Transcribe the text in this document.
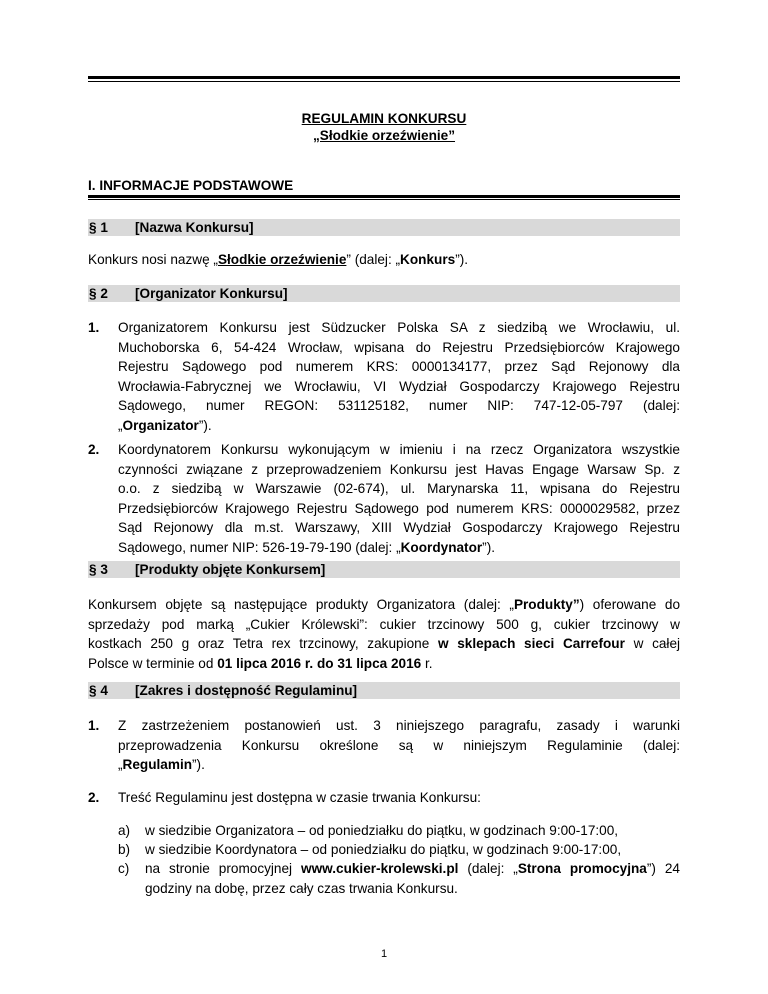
REGULAMIN KONKURSU
„Słodkie orzeźwienie”
I. INFORMACJE PODSTAWOWE
§ 1 [Nazwa Konkursu]
Konkurs nosi nazwę „Słodkie orzeźwienie” (dalej: „Konkurs”).
§ 2 [Organizator Konkursu]
1. Organizatorem Konkursu jest Südzucker Polska SA z siedzibą we Wrocławiu, ul.
Muchoborska 6, 54-424 Wrocław, wpisana do Rejestru Przedsiębiorców Krajowego
Rejestru Sądowego pod numerem KRS: 0000134177, przez Sąd Rejonowy dla
Wrocławia-Fabrycznej we Wrocławiu, VI Wydział Gospodarczy Krajowego Rejestru
Sądowego, numer REGON: 531125182, numer NIP: 747-12-05-797 (dalej:
„Organizator”).
2. Koordynatorem Konkursu wykonującym w imieniu i na rzecz Organizatora wszystkie
czynności związane z przeprowadzeniem Konkursu jest Havas Engage Warsaw Sp. z
o.o. z siedzibą w Warszawie (02-674), ul. Marynarska 11, wpisana do Rejestru
Przedsiębiorców Krajowego Rejestru Sądowego pod numerem KRS: 0000029582, przez
Sąd Rejonowy dla m.st. Warszawy, XIII Wydział Gospodarczy Krajowego Rejestru
Sądowego, numer NIP: 526-19-79-190 (dalej: „Koordynator”).
§ 3 [Produkty objęte Konkursem]
Konkursem objęte są następujące produkty Organizatora (dalej: „Produkty”) oferowane do
sprzedaży pod marką „Cukier Królewski”: cukier trzcinowy 500 g, cukier trzcinowy w
kostkach 250 g oraz Tetra rex trzcinowy, zakupione w sklepach sieci Carrefour w całej
Polsce w terminie od 01 lipca 2016 r. do 31 lipca 2016 r.
§ 4 [Zakres i dostępność Regulaminu]
1. Z zastrzeżeniem postanowień ust. 3 niniejszego paragrafu, zasady i warunki
przeprowadzenia Konkursu określone są w niniejszym Regulaminie (dalej:
„Regulamin”).
2. Treść Regulaminu jest dostępna w czasie trwania Konkursu:
a) w siedzibie Organizatora – od poniedziałku do piątku, w godzinach 9:00-17:00,
b) w siedzibie Koordynatora – od poniedziałku do piątku, w godzinach 9:00-17:00,
c) na stronie promocyjnej www.cukier-krolewski.pl (dalej: „Strona promocyjna”) 24
godziny na dobę, przez cały czas trwania Konkursu.
1
